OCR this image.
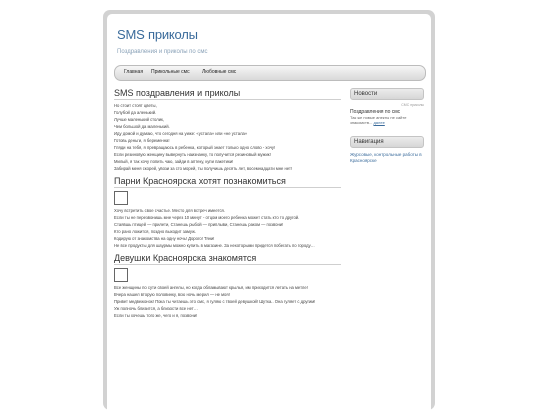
SMS приколы
Поздравления и приколы по смс
Главная Прикольные смс Любовные смс
SMS поздравления и приколы

Но стоит стоят цветы,

Голубой да аленький.

Лучше маленький столик,

Чем большой да маленький.

Иду домой и думаю, что сегодня на уиже: «устала» или «не устала»

Готовь деньги, я беременна!

Гляди на тебя, я превращаюсь в ребенка, который знает только одно слово - хочу!

Если резиновую женщину вывернуть наизнанку, то получится резиновый мужик!

Милый, я так хочу попить чаю, зайди в аптеку, купи пакетики!

Забирай меня скорей, увози за сто морей, ты получишь десять лет, восемнадцати мне нет!

Парни Красноярска хотят познакомиться

Хочу встретить свое счастье. Место для встреч имеется.

Если ты не перезвонишь мне через 10 минут - отцом моего ребенка может стать кто то другой.

Стаявшь птицей — прилети, Станешь рыбой — приплыви, Станешь раком — позвони!

Кто рано ложится, поздно выходит замуж.

Кодирую от знакомства на одну ночь! Дорого! Тяни!

Не все продукты для шаурмы можно купить в магазине. За некоторыми придется побегать по городу…

Девушки Красноярска знакомятся

Все женщины по сути своей ангелы, но когда обламывают крылья, им приходится летать на метле!

Вчера нашел вторую половинку, всю ночь мерил — не моя!

Привет медвежонок! Пока ты читаешь это смс, я гуляю с твоей девушкой! Шутка.. Она гуляет с другим!

Уж полночь близится, а близости все нет…

Если ты хочешь того же, чего и я, позвони!

Новости
СМС приколы
Поздравления по смс
Так же новые анекты не сайте знакомств... далее
Навигация
Журсовые, контрольные работы в Красноярске
